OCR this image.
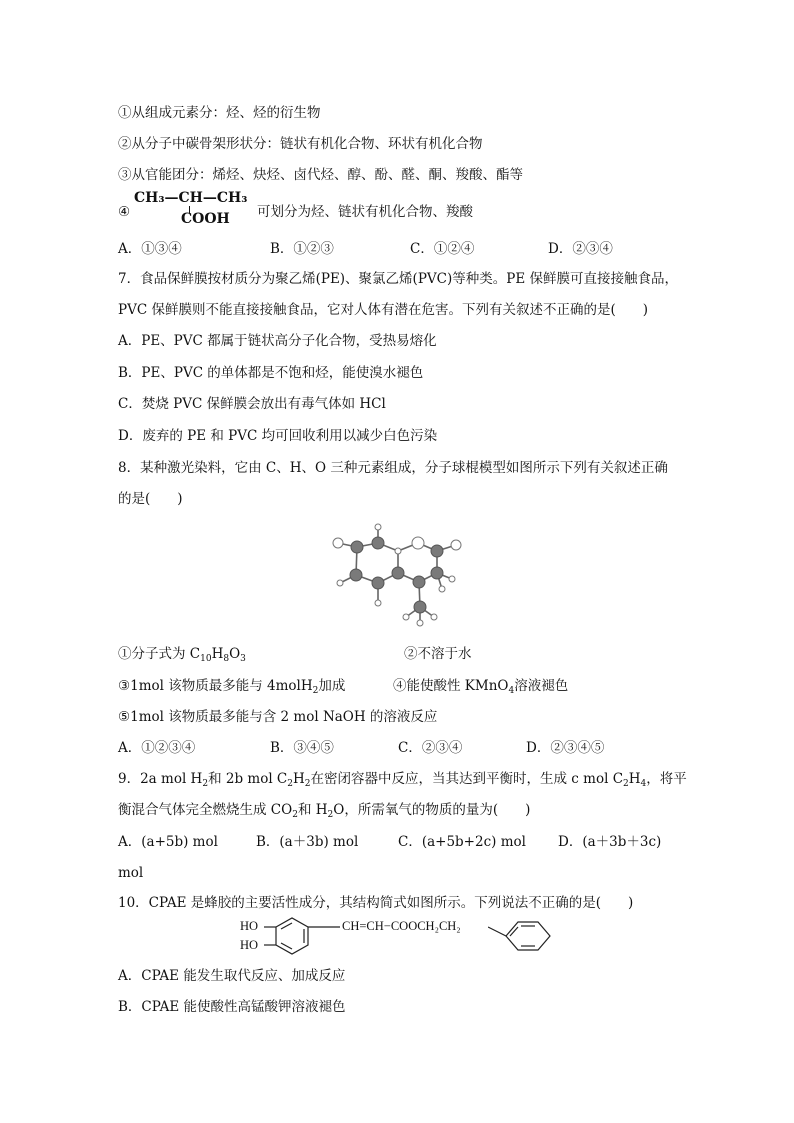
①从组成元素分：烃、烃的衍生物
②从分子中碳骨架形状分：链状有机化合物、环状有机化合物
③从官能团分：烯烃、炔烃、卤代烃、醇、酚、醛、酮、羧酸、酯等
④
CH₃—CH—CH₃
COOH 可划分为烃、链状有机化合物、羧酸
A．①③④	B．①②③	C．①②④	D．②③④
7．食品保鲜膜按材质分为聚乙烯(PE)、聚氯乙烯(PVC)等种类。PE 保鲜膜可直接接触食品，
PVC 保鲜膜则不能直接接触食品，它对人体有潜在危害。下列有关叙述不正确的是(　　)
A．PE、PVC 都属于链状高分子化合物，受热易熔化
B．PE、PVC 的单体都是不饱和烃，能使溴水褪色
C．焚烧 PVC 保鲜膜会放出有毒气体如 HCl
D．废弃的 PE 和 PVC 均可回收利用以减少白色污染
8．某种激光染料，它由 C、H、O 三种元素组成，分子球棍模型如图所示下列有关叙述正确
的是(　　)
①分子式为 $C_{10}H_8O_3$	②不溶于水
③1mol 该物质最多能与 4molH$_2$加成	④能使酸性 KMnO$_4$溶液褪色
⑤1mol 该物质最多能与含 2 mol NaOH 的溶液反应
A．①②③④	B．③④⑤	C．②③④	D．②③④⑤
9．2a mol $H_2$和 2b mol $C_2H_2$在密闭容器中反应，当其达到平衡时，生成 c mol $C_2H_4$，将平
衡混合气体完全燃烧生成 $CO_2$和 $H_2O$，所需氧气的物质的量为(　　)
A．(a+5b) mol	B．(a＋3b) mol	C．(a+5b+2c) mol D．(a＋3b＋3c)
mol
10．CPAE 是蜂胶的主要活性成分，其结构简式如图所示。下列说法不正确的是(　　)
HO
HO
CH=CH−COOCH₂CH₂
A．CPAE 能发生取代反应、加成反应
B．CPAE 能使酸性高锰酸钾溶液褪色
